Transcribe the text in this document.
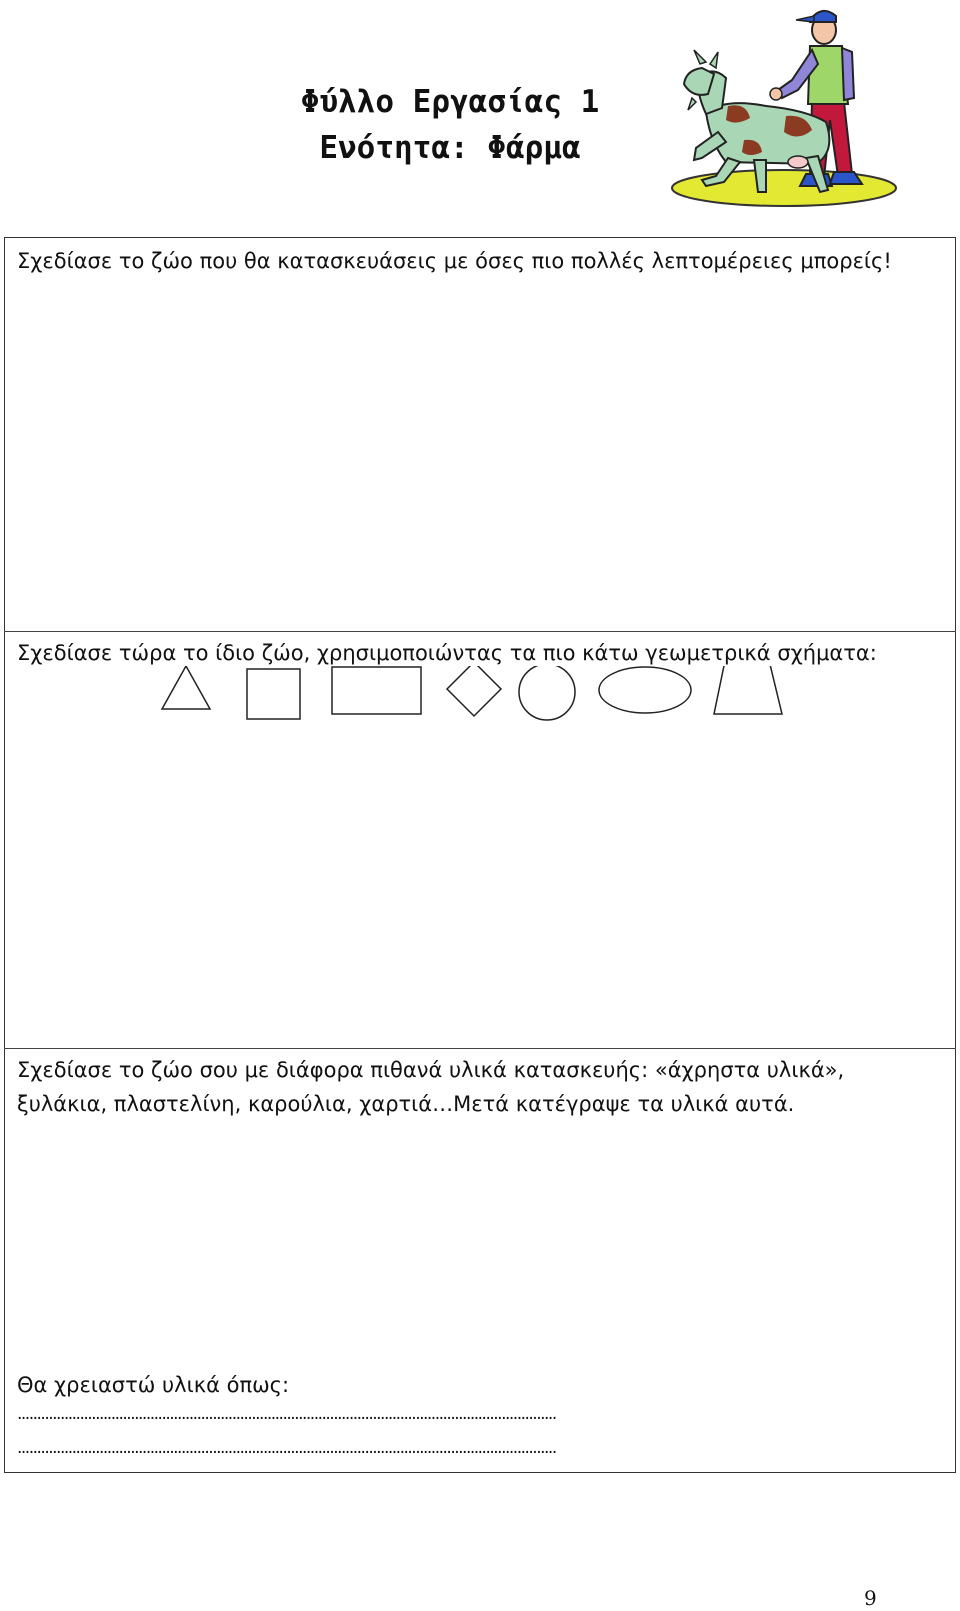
Φύλλο Εργασίας 1
Ενότητα: Φάρμα
Σχεδίασε το ζώο που θα κατασκευάσεις με όσες πιο πολλές λεπτομέρειες μπορείς!
Σχεδίασε τώρα το ίδιο ζώο, χρησιμοποιώντας τα πιο κάτω γεωμετρικά σχήματα:
Σχεδίασε το ζώο σου με διάφορα πιθανά υλικά κατασκευής: «άχρηστα υλικά»,
ξυλάκια, πλαστελίνη, καρούλια, χαρτιά…Μετά κατέγραψε τα υλικά αυτά.
Θα χρειαστώ υλικά όπως:
..........................................................................................................................................
..........................................................................................................................................
9
